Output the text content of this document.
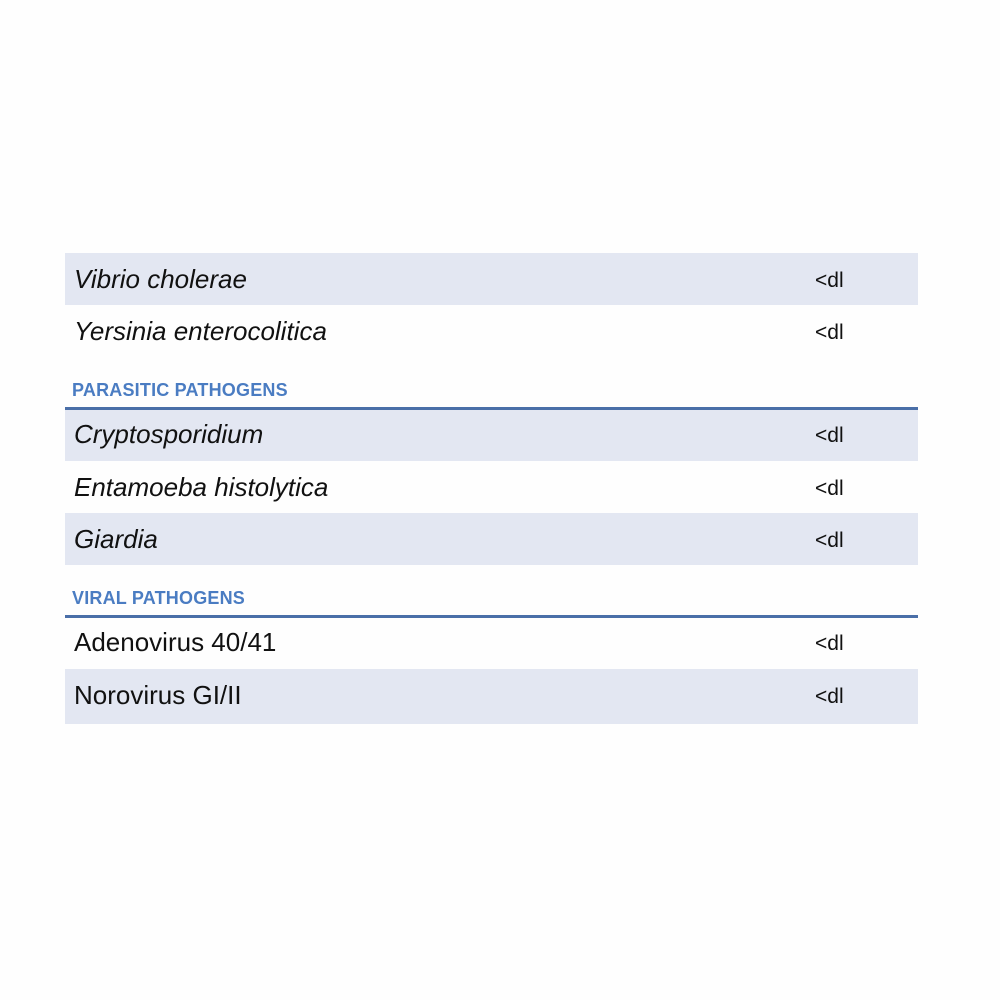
Vibrio cholerae	<dl
Yersinia enterocolitica	<dl
PARASITIC PATHOGENS
Cryptosporidium	<dl
Entamoeba histolytica	<dl
Giardia	<dl
VIRAL PATHOGENS
Adenovirus 40/41	<dl
Norovirus GI/II	<dl
